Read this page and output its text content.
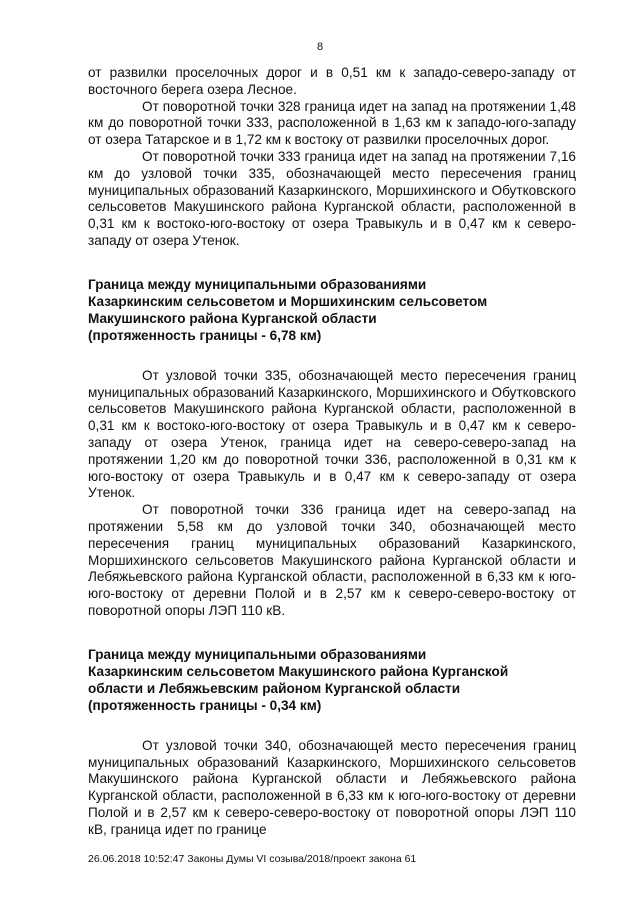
8

от развилки проселочных дорог и в 0,51 км к западо-северо-западу от восточного берега озера Лесное.

От поворотной точки 328 граница идет на запад на протяжении 1,48 км до поворотной точки 333, расположенной в 1,63 км к западо-юго-западу от озера Татарское и в 1,72 км к востоку от развилки проселочных дорог.

От поворотной точки 333 граница идет на запад на протяжении 7,16 км до узловой точки 335, обозначающей место пересечения границ муниципальных образований Казаркинского, Моршихинского и Обутковского сельсоветов Макушинского района Курганской области, расположенной в 0,31 км к востоко-юго-востоку от озера Травыкуль и в 0,47 км к северо-западу от озера Утенок.

Граница между муниципальными образованиями

Казаркинским сельсоветом и Моршихинским сельсоветом

Макушинского района Курганской области

(протяженность границы - 6,78 км)

От узловой точки 335, обозначающей место пересечения границ муниципальных образований Казаркинского, Моршихинского и Обутковского сельсоветов Макушинского района Курганской области, расположенной в 0,31 км к востоко-юго-востоку от озера Травыкуль и в 0,47 км к северо-западу от озера Утенок, граница идет на северо-северо-запад на протяжении 1,20 км до поворотной точки 336, расположенной в 0,31 км к юго-востоку от озера Травыкуль и в 0,47 км к северо-западу от озера Утенок.

От поворотной точки 336 граница идет на северо-запад на протяжении 5,58 км до узловой точки 340, обозначающей место пересечения границ муниципальных образований Казаркинского, Моршихинского сельсоветов Макушинского района Курганской области и Лебяжьевского района Курганской области, расположенной в 6,33 км к юго-юго-востоку от деревни Полой и в 2,57 км к северо-северо-востоку от поворотной опоры ЛЭП 110 кВ.

Граница между муниципальными образованиями

Казаркинским сельсоветом Макушинского района Курганской

области и Лебяжьевским районом Курганской области

(протяженность границы - 0,34 км)

От узловой точки 340, обозначающей место пересечения границ муниципальных образований Казаркинского, Моршихинского сельсоветов Макушинского района Курганской области и Лебяжьевского района Курганской области, расположенной в 6,33 км к юго-юго-востоку от деревни Полой и в 2,57 км к северо-северо-востоку от поворотной опоры ЛЭП 110 кВ, граница идет по границе

26.06.2018 10:52:47 Законы Думы VI созыва/2018/проект закона 61
